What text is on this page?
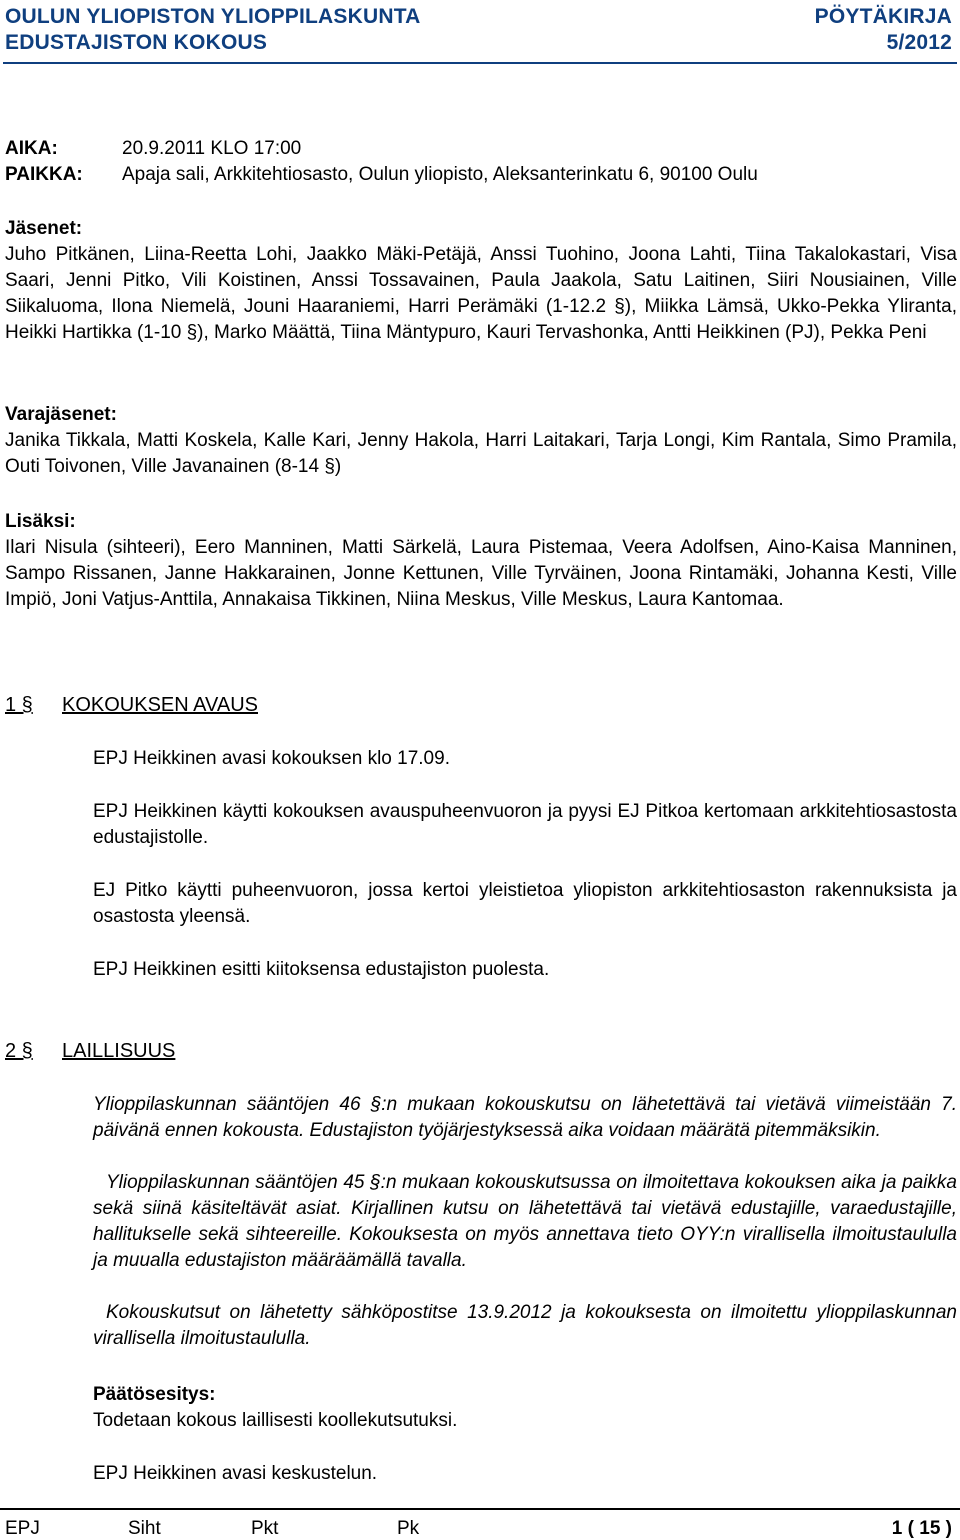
OULUN YLIOPISTON YLIOPPILASKUNTA	PÖYTÄKIRJA
EDUSTAJISTON KOKOUS	5/2012
AIKA:	20.9.2011 KLO 17:00
PAIKKA: Apaja sali, Arkkitehtiosasto, Oulun yliopisto, Aleksanterinkatu 6, 90100 Oulu
Jäsenet:
Juho Pitkänen, Liina-Reetta Lohi, Jaakko Mäki-Petäjä, Anssi Tuohino, Joona Lahti, Tiina Takalokastari, Visa Saari, Jenni Pitko, Vili Koistinen, Anssi Tossavainen, Paula Jaakola, Satu Laitinen, Siiri Nousiainen, Ville Siikaluoma, Ilona Niemelä, Jouni Haaraniemi, Harri Perämäki (1-12.2 §), Miikka Lämsä, Ukko-Pekka Yliranta, Heikki Hartikka (1-10 §), Marko Määttä, Tiina Mäntypuro, Kauri Tervashonka, Antti Heikkinen (PJ), Pekka Peni
Varajäsenet:
Janika Tikkala, Matti Koskela, Kalle Kari, Jenny Hakola, Harri Laitakari, Tarja Longi, Kim Rantala, Simo Pramila, Outi Toivonen, Ville Javanainen (8-14 §)
Lisäksi:
Ilari Nisula (sihteeri), Eero Manninen, Matti Särkelä, Laura Pistemaa, Veera Adolfsen, Aino-Kaisa Manninen, Sampo Rissanen, Janne Hakkarainen, Jonne Kettunen, Ville Tyrväinen, Joona Rintamäki, Johanna Kesti, Ville Impiö, Joni Vatjus-Anttila, Annakaisa Tikkinen, Niina Meskus, Ville Meskus, Laura Kantomaa.
1 § KOKOUKSEN AVAUS
EPJ Heikkinen avasi kokouksen klo 17.09.
EPJ Heikkinen käytti kokouksen avauspuheenvuoron ja pyysi EJ Pitkoa kertomaan arkkitehtiosastosta edustajistolle.
EJ Pitko käytti puheenvuoron, jossa kertoi yleistietoa yliopiston arkkitehtiosaston rakennuksista ja osastosta yleensä.
EPJ Heikkinen esitti kiitoksensa edustajiston puolesta.
2 § LAILLISUUS
Ylioppilaskunnan sääntöjen 46 §:n mukaan kokouskutsu on lähetettävä tai vietävä viimeistään 7. päivänä ennen kokousta. Edustajiston työjärjestyksessä aika voidaan määrätä pitemmäksikin.
Ylioppilaskunnan sääntöjen 45 §:n mukaan kokouskutsussa on ilmoitettava kokouksen aika ja paikka sekä siinä käsiteltävät asiat. Kirjallinen kutsu on lähetettävä tai vietävä edustajille, varaedustajille, hallitukselle sekä sihteereille. Kokouksesta on myös annettava tieto OYY:n virallisella ilmoitustaululla ja muualla edustajiston määräämällä tavalla.
Kokouskutsut on lähetetty sähköpostitse 13.9.2012 ja kokouksesta on ilmoitettu ylioppilaskunnan virallisella ilmoitustaululla.
Päätösesitys:
Todetaan kokous laillisesti koollekutsutuksi.
EPJ Heikkinen avasi keskustelun.
EPJ	Siht	Pkt	Pk	1 ( 15 )
